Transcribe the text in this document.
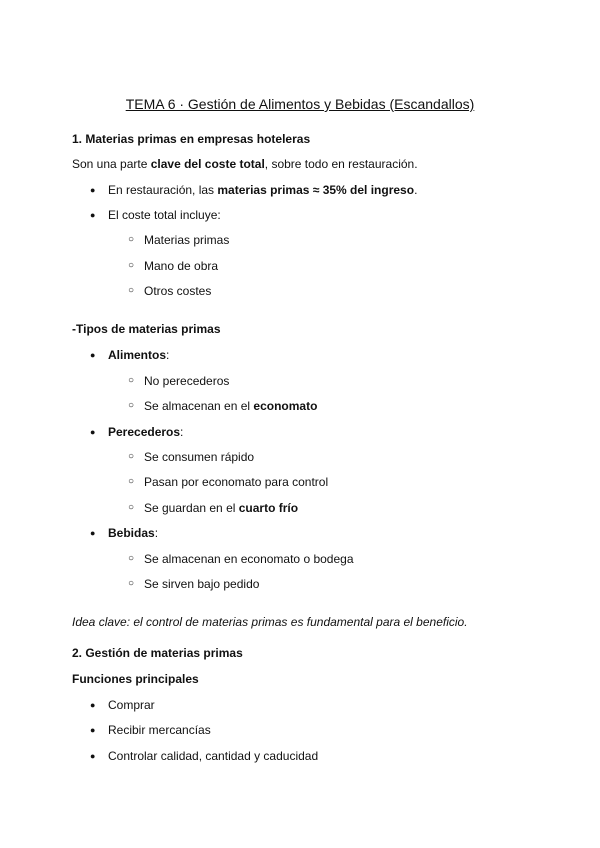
TEMA 6 · Gestión de Alimentos y Bebidas (Escandallos)
1. Materias primas en empresas hoteleras
Son una parte clave del coste total, sobre todo en restauración.
● En restauración, las materias primas ≈ 35% del ingreso.
● El coste total incluye:
○ Materias primas
○ Mano de obra
○ Otros costes
-Tipos de materias primas
● Alimentos:
○ No perecederos
○ Se almacenan en el economato
● Perecederos:
○ Se consumen rápido
○ Pasan por economato para control
○ Se guardan en el cuarto frío
● Bebidas:
○ Se almacenan en economato o bodega
○ Se sirven bajo pedido
Idea clave: el control de materias primas es fundamental para el beneficio.
2. Gestión de materias primas
Funciones principales
● Comprar
● Recibir mercancías
● Controlar calidad, cantidad y caducidad
